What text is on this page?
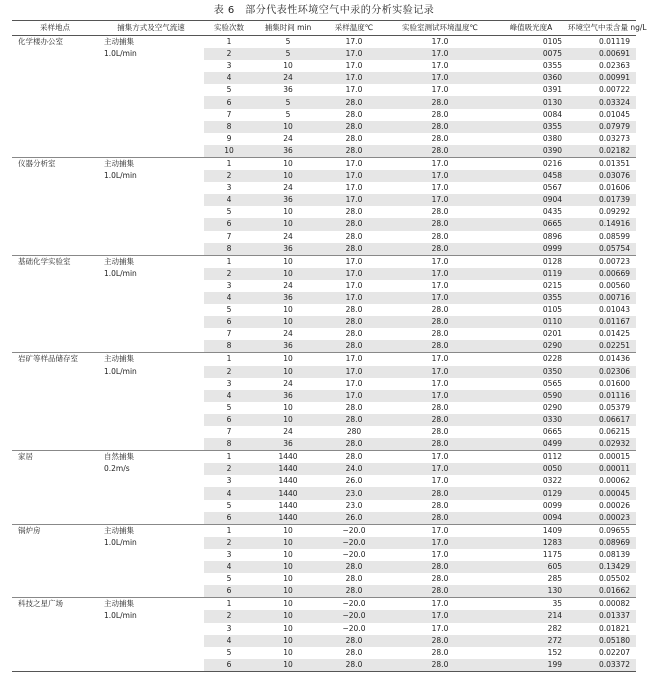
表 6　部分代表性环境空气中汞的分析实验记录
采样地点	捕集方式及空气流速	实验次数	捕集时间 min	采样温度℃	实验室测试环境温度℃	峰值吸光度A	环境空气中汞含量 ng/L
化学楼办公室	主动捕集	1	5	17.0	17.0	0105	0.01119
	1.0L/min	2	5	17.0	17.0	0075	0.00691
		3	10	17.0	17.0	0355	0.02363
		4	24	17.0	17.0	0360	0.00991
		5	36	17.0	17.0	0391	0.00722
		6	5	28.0	28.0	0130	0.03324
		7	5	28.0	28.0	0084	0.01045
		8	10	28.0	28.0	0355	0.07979
		9	24	28.0	28.0	0380	0.03273
		10	36	28.0	28.0	0390	0.02182
仪器分析室	主动捕集	1	10	17.0	17.0	0216	0.01351
	1.0L/min	2	10	17.0	17.0	0458	0.03076
		3	24	17.0	17.0	0567	0.01606
		4	36	17.0	17.0	0904	0.01739
		5	10	28.0	28.0	0435	0.09292
		6	10	28.0	28.0	0665	0.14916
		7	24	28.0	28.0	0896	0.08599
		8	36	28.0	28.0	0999	0.05754
基础化学实验室	主动捕集	1	10	17.0	17.0	0128	0.00723
	1.0L/min	2	10	17.0	17.0	0119	0.00669
		3	24	17.0	17.0	0215	0.00560
		4	36	17.0	17.0	0355	0.00716
		5	10	28.0	28.0	0105	0.01043
		6	10	28.0	28.0	0110	0.01167
		7	24	28.0	28.0	0201	0.01425
		8	36	28.0	28.0	0290	0.02251
岩矿等样品储存室	主动捕集	1	10	17.0	17.0	0228	0.01436
	1.0L/min	2	10	17.0	17.0	0350	0.02306
		3	24	17.0	17.0	0565	0.01600
		4	36	17.0	17.0	0590	0.01116
		5	10	28.0	28.0	0290	0.05379
		6	10	28.0	28.0	0330	0.06617
		7	24	280	28.0	0665	0.06215
		8	36	28.0	28.0	0499	0.02932
家居	自然捕集	1	1440	28.0	17.0	0112	0.00015
	0.2m/s	2	1440	24.0	17.0	0050	0.00011
		3	1440	26.0	17.0	0322	0.00062
		4	1440	23.0	28.0	0129	0.00045
		5	1440	23.0	28.0	0099	0.00026
		6	1440	26.0	28.0	0094	0.00023
锅炉房	主动捕集	1	10	−20.0	17.0	1409	0.09655
	1.0L/min	2	10	−20.0	17.0	1283	0.08969
		3	10	−20.0	17.0	1175	0.08139
		4	10	28.0	28.0	605	0.13429
		5	10	28.0	28.0	285	0.05502
		6	10	28.0	28.0	130	0.01662
科技之星广场	主动捕集	1	10	−20.0	17.0	35	0.00082
	1.0L/min	2	10	−20.0	17.0	214	0.01337
		3	10	−20.0	17.0	282	0.01821
		4	10	28.0	28.0	272	0.05180
		5	10	28.0	28.0	152	0.02207
		6	10	28.0	28.0	199	0.03372
